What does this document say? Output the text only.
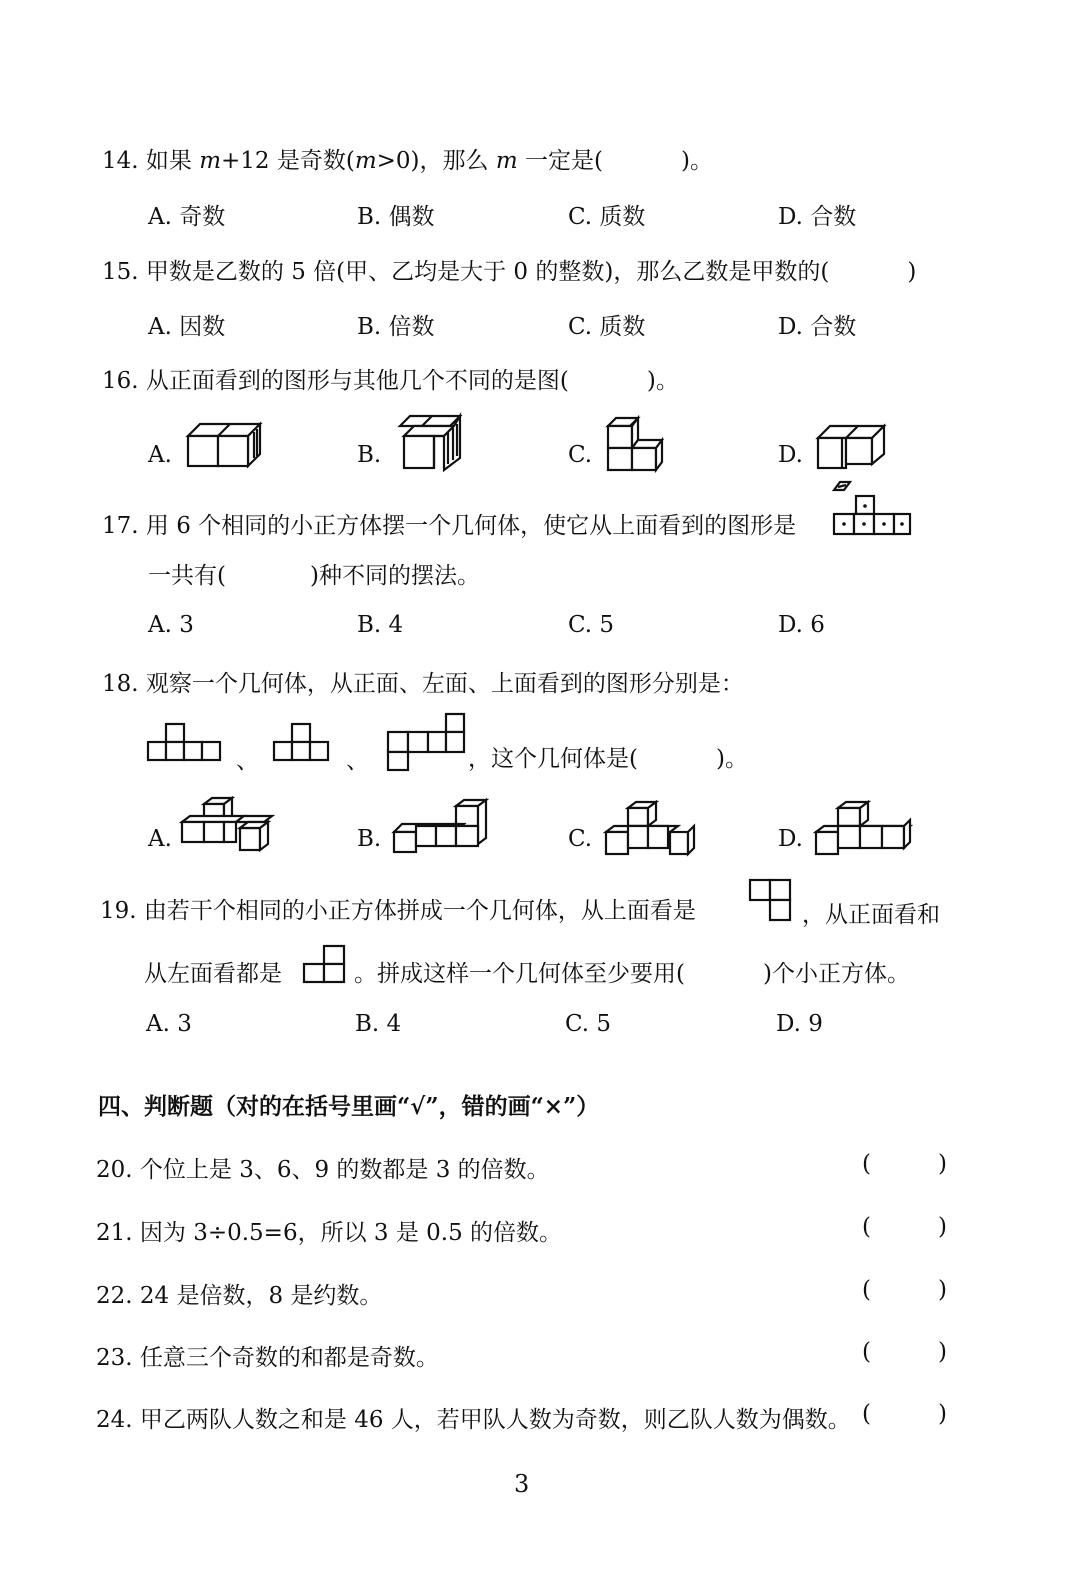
14. 如果 m+12 是奇数(m>0)，那么 m 一定是(	)。
A. 奇数	B. 偶数	C. 质数	D. 合数
15. 甲数是乙数的 5 倍(甲、乙均是大于 0 的整数)，那么乙数是甲数的(	)
A. 因数	B. 倍数	C. 质数	D. 合数
16. 从正面看到的图形与其他几个不同的是图(	)。
A.	B.	C.	D.
17. 用 6 个相同的小正方体摆一个几何体，使它从上面看到的图形是
一共有(	)种不同的摆法。
A. 3	B. 4	C. 5	D. 6
18. 观察一个几何体，从正面、左面、上面看到的图形分别是：
、	、	，这个几何体是(	)。
A.	B.	C.	D.
19. 由若干个相同的小正方体拼成一个几何体，从上面看是	，从正面看和
从左面看都是	。拼成这样一个几何体至少要用(	)个小正方体。
A. 3	B. 4	C. 5	D. 9
四、判断题（对的在括号里画“√”，错的画“×”）
20. 个位上是 3、6、9 的数都是 3 的倍数。	(	)
21. 因为 3÷0.5=6，所以 3 是 0.5 的倍数。	(	)
22. 24 是倍数，8 是约数。	(	)
23. 任意三个奇数的和都是奇数。	(	)
24. 甲乙两队人数之和是 46 人，若甲队人数为奇数，则乙队人数为偶数。 (	)
3
